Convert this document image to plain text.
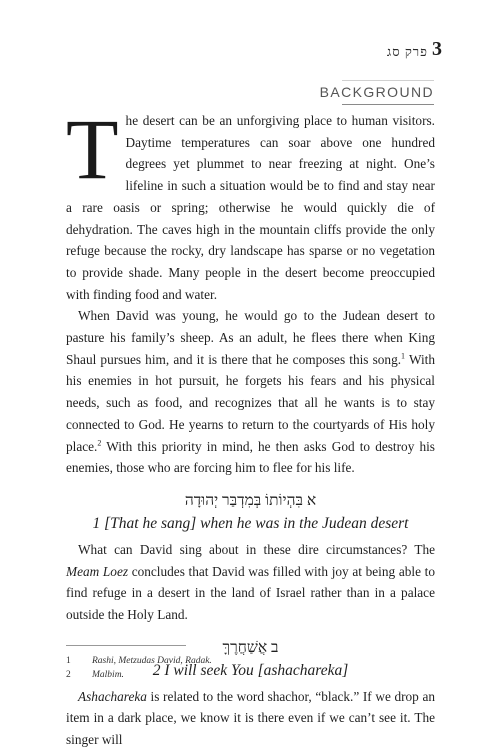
פרק סג 3
BACKGROUND

The desert can be an unforgiving place to human visitors. Daytime temperatures can soar above one hundred degrees yet plummet to near freezing at night. One’s lifeline in such a situation would be to find and stay near a rare oasis or spring; otherwise he would quickly die of dehydration. The caves high in the mountain cliffs provide the only refuge because the rocky, dry landscape has sparse or no vegetation to provide shade. Many people in the desert become preoccupied with finding food and water.

When David was young, he would go to the Judean desert to pasture his family’s sheep. As an adult, he flees there when King Shaul pursues him, and it is there that he composes this song.$^1$ With his enemies in hot pursuit, he forgets his fears and his physical needs, such as food, and recognizes that all he wants is to stay connected to God. He yearns to return to the courtyards of His holy place.$^2$ With this priority in mind, he then asks God to destroy his enemies, those who are forcing him to flee for his life.

א בִּהְיוֹתוֹ בְּמִדְבַּר יְהוּדָה
1 [That he sang] when he was in the Judean desert

What can David sing about in these dire circumstances? The Meam Loez concludes that David was filled with joy at being able to find refuge in a desert in the land of Israel rather than in a palace outside the Holy Land.

ב אֲשַׁחֲרֶךָּ
2 I will seek You [ashachareka]

Ashachareka is related to the word shachor, “black.” If we drop an item in a dark place, we know it is there even if we can’t see it. The singer will

1	Rashi, Metzudas David, Radak.
2	Malbim.
